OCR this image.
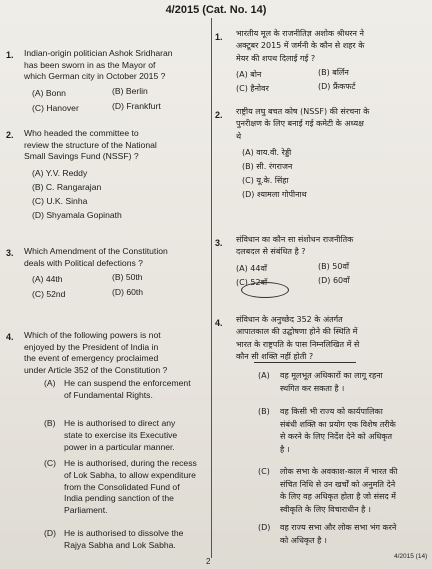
4/2015 (Cat. No. 14)
2
4/2015 (14)
1. Indian-origin politician Ashok Sridharan
has been sworn in as the Mayor of
which German city in October 2015 ?
(A) Bonn	(B) Berlin
(C) Hanover	(D) Frankfurt
2. Who headed the committee to
review the structure of the National
Small Savings Fund (NSSF) ?
(A) Y.V. Reddy
(B) C. Rangarajan
(C) U.K. Sinha
(D) Shyamala Gopinath
3. Which Amendment of the Constitution
deals with Political defections ?
(A) 44th	(B) 50th
(C) 52nd	(D) 60th
4. Which of the following powers is not
enjoyed by the President of India in
the event of emergency proclaimed
under Article 352 of the Constitution ?
(A) He can suspend the enforcement
of Fundamental Rights.
(B) He is authorised to direct any
state to exercise its Executive
power in a particular manner.
(C) He is authorised, during the recess
of Lok Sabha, to allow expenditure
from the Consolidated Fund of
India pending sanction of the
Parliament.
(D) He is authorised to dissolve the
Rajya Sabha and Lok Sabha.
1. भारतीय मूल के राजनीतिज्ञ अशोक श्रीधरन ने
अक्टूबर 2015 में जर्मनी के कौन से शहर के
मेयर की शपथ दिलाई गई ?
(A) बोन	(B) बर्लिन
(C) हैनोवर	(D) फ्रैंकफर्ट
2. राष्ट्रीय लघु बचत कोष (NSSF) की संरचना के
पुनरीक्षण के लिए बनाई गई कमेटी के अध्यक्ष
थे
(A) वाय.वी. रेड्डी
(B) सी. रंगराजन
(C) यू.के. सिंहा
(D) श्यामला गोपीनाथ
3. संविधान का कौन सा संशोधन राजनीतिक
दलबदल से संबंधित है ?
(A) 44वाँ	(B) 50वाँ
(C) 52वाँ	(D) 60वाँ
4. संविधान के अनुच्छेद 352 के अंतर्गत
आपातकाल की उद्घोषणा होने की स्थिति में
भारत के राष्ट्रपति के पास निम्नलिखित में से
कौन सी शक्ति नहीं होती ?
(A) वह मूलभूत अधिकारों का लागू रहना
स्थगित कर सकता है ।
(B) वह किसी भी राज्य को कार्यपालिका
संबंधी शक्ति का प्रयोग एक विशेष तरीके
से करने के लिए निर्देश देने को अधिकृत
है ।
(C) लोक सभा के अवकाश-काल में भारत की
संचित निधि से उन खर्चों को अनुमति देने
के लिए वह अधिकृत होता है जो संसद में
स्वीकृति के लिए विचाराधीन है ।
(D) वह राज्य सभा और लोक सभा भंग करने
को अधिकृत है ।
